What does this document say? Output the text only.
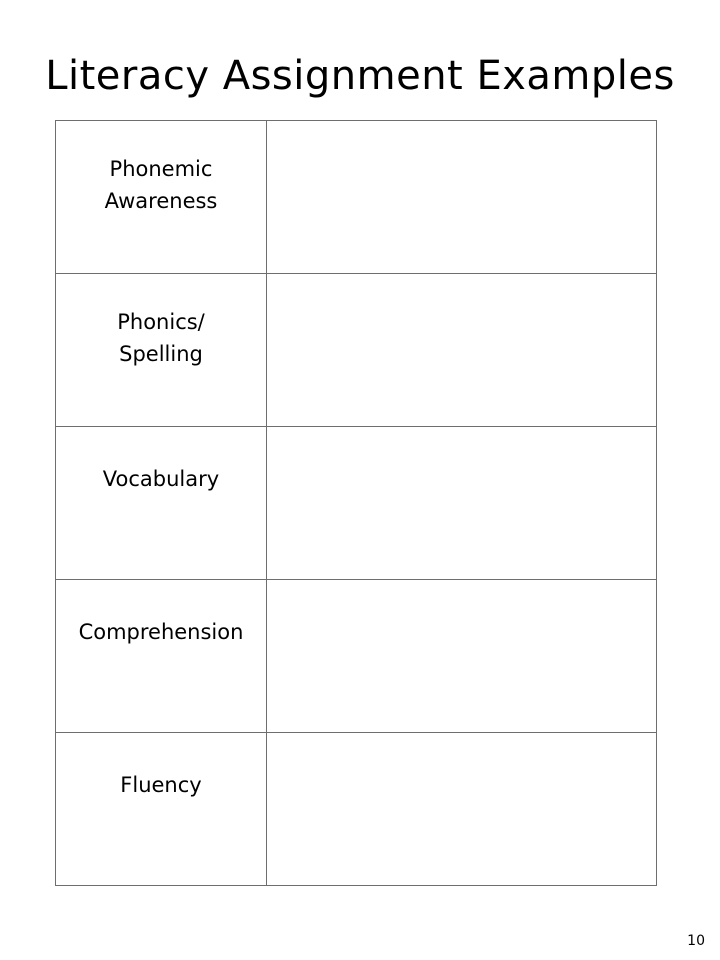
Literacy Assignment Examples
Phonemic Awareness	
Phonics/ Spelling	
Vocabulary	
Comprehension	
Fluency	
10
